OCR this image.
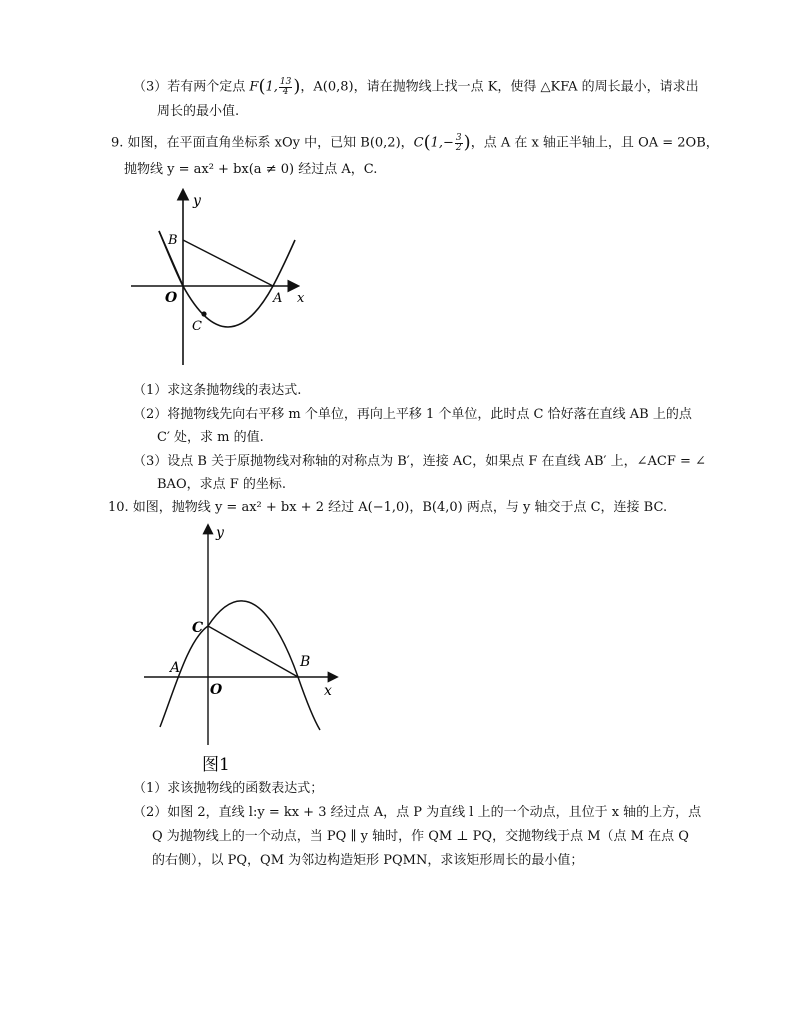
（3）若有两个定点 F(1, $\frac{13}{4}$ )，A(0,8)，请在抛物线上找一点 K，使得 △KFA 的周长最小，请求出
周长的最小值.
9. 如图，在平面直角坐标系 xOy 中，已知 B(0,2)，$C(1,- \frac{3}{2}$ )，点 A 在 x 轴正半轴上，且 OA = 2OB，
抛物线 y = ax² + bx(a ≠ 0) 经过点 A，C.
y
B
O	A x
C
（1）求这条抛物线的表达式.
（2）将抛物线先向右平移 m 个单位，再向上平移 1 个单位，此时点 C 恰好落在直线 AB 上的点
C′ 处，求 m 的值.
（3）设点 B 关于原抛物线对称轴的对称点为 B′，连接 AC，如果点 F 在直线 AB′ 上，∠ACF = ∠
BAO，求点 F 的坐标.
10. 如图，抛物线 y = ax² + bx + 2 经过 A(−1,0)，B(4,0) 两点，与 y 轴交于点 C，连接 BC.
y
C
A	B
O	x
图1
（1）求该抛物线的函数表达式；
（2）如图 2，直线 l:y = kx + 3 经过点 A，点 P 为直线 l 上的一个动点，且位于 x 轴的上方，点
Q 为抛物线上的一个动点，当 PQ ∥ y 轴时，作 QM ⊥ PQ，交抛物线于点 M（点 M 在点 Q
的右侧），以 PQ，QM 为邻边构造矩形 PQMN，求该矩形周长的最小值；
